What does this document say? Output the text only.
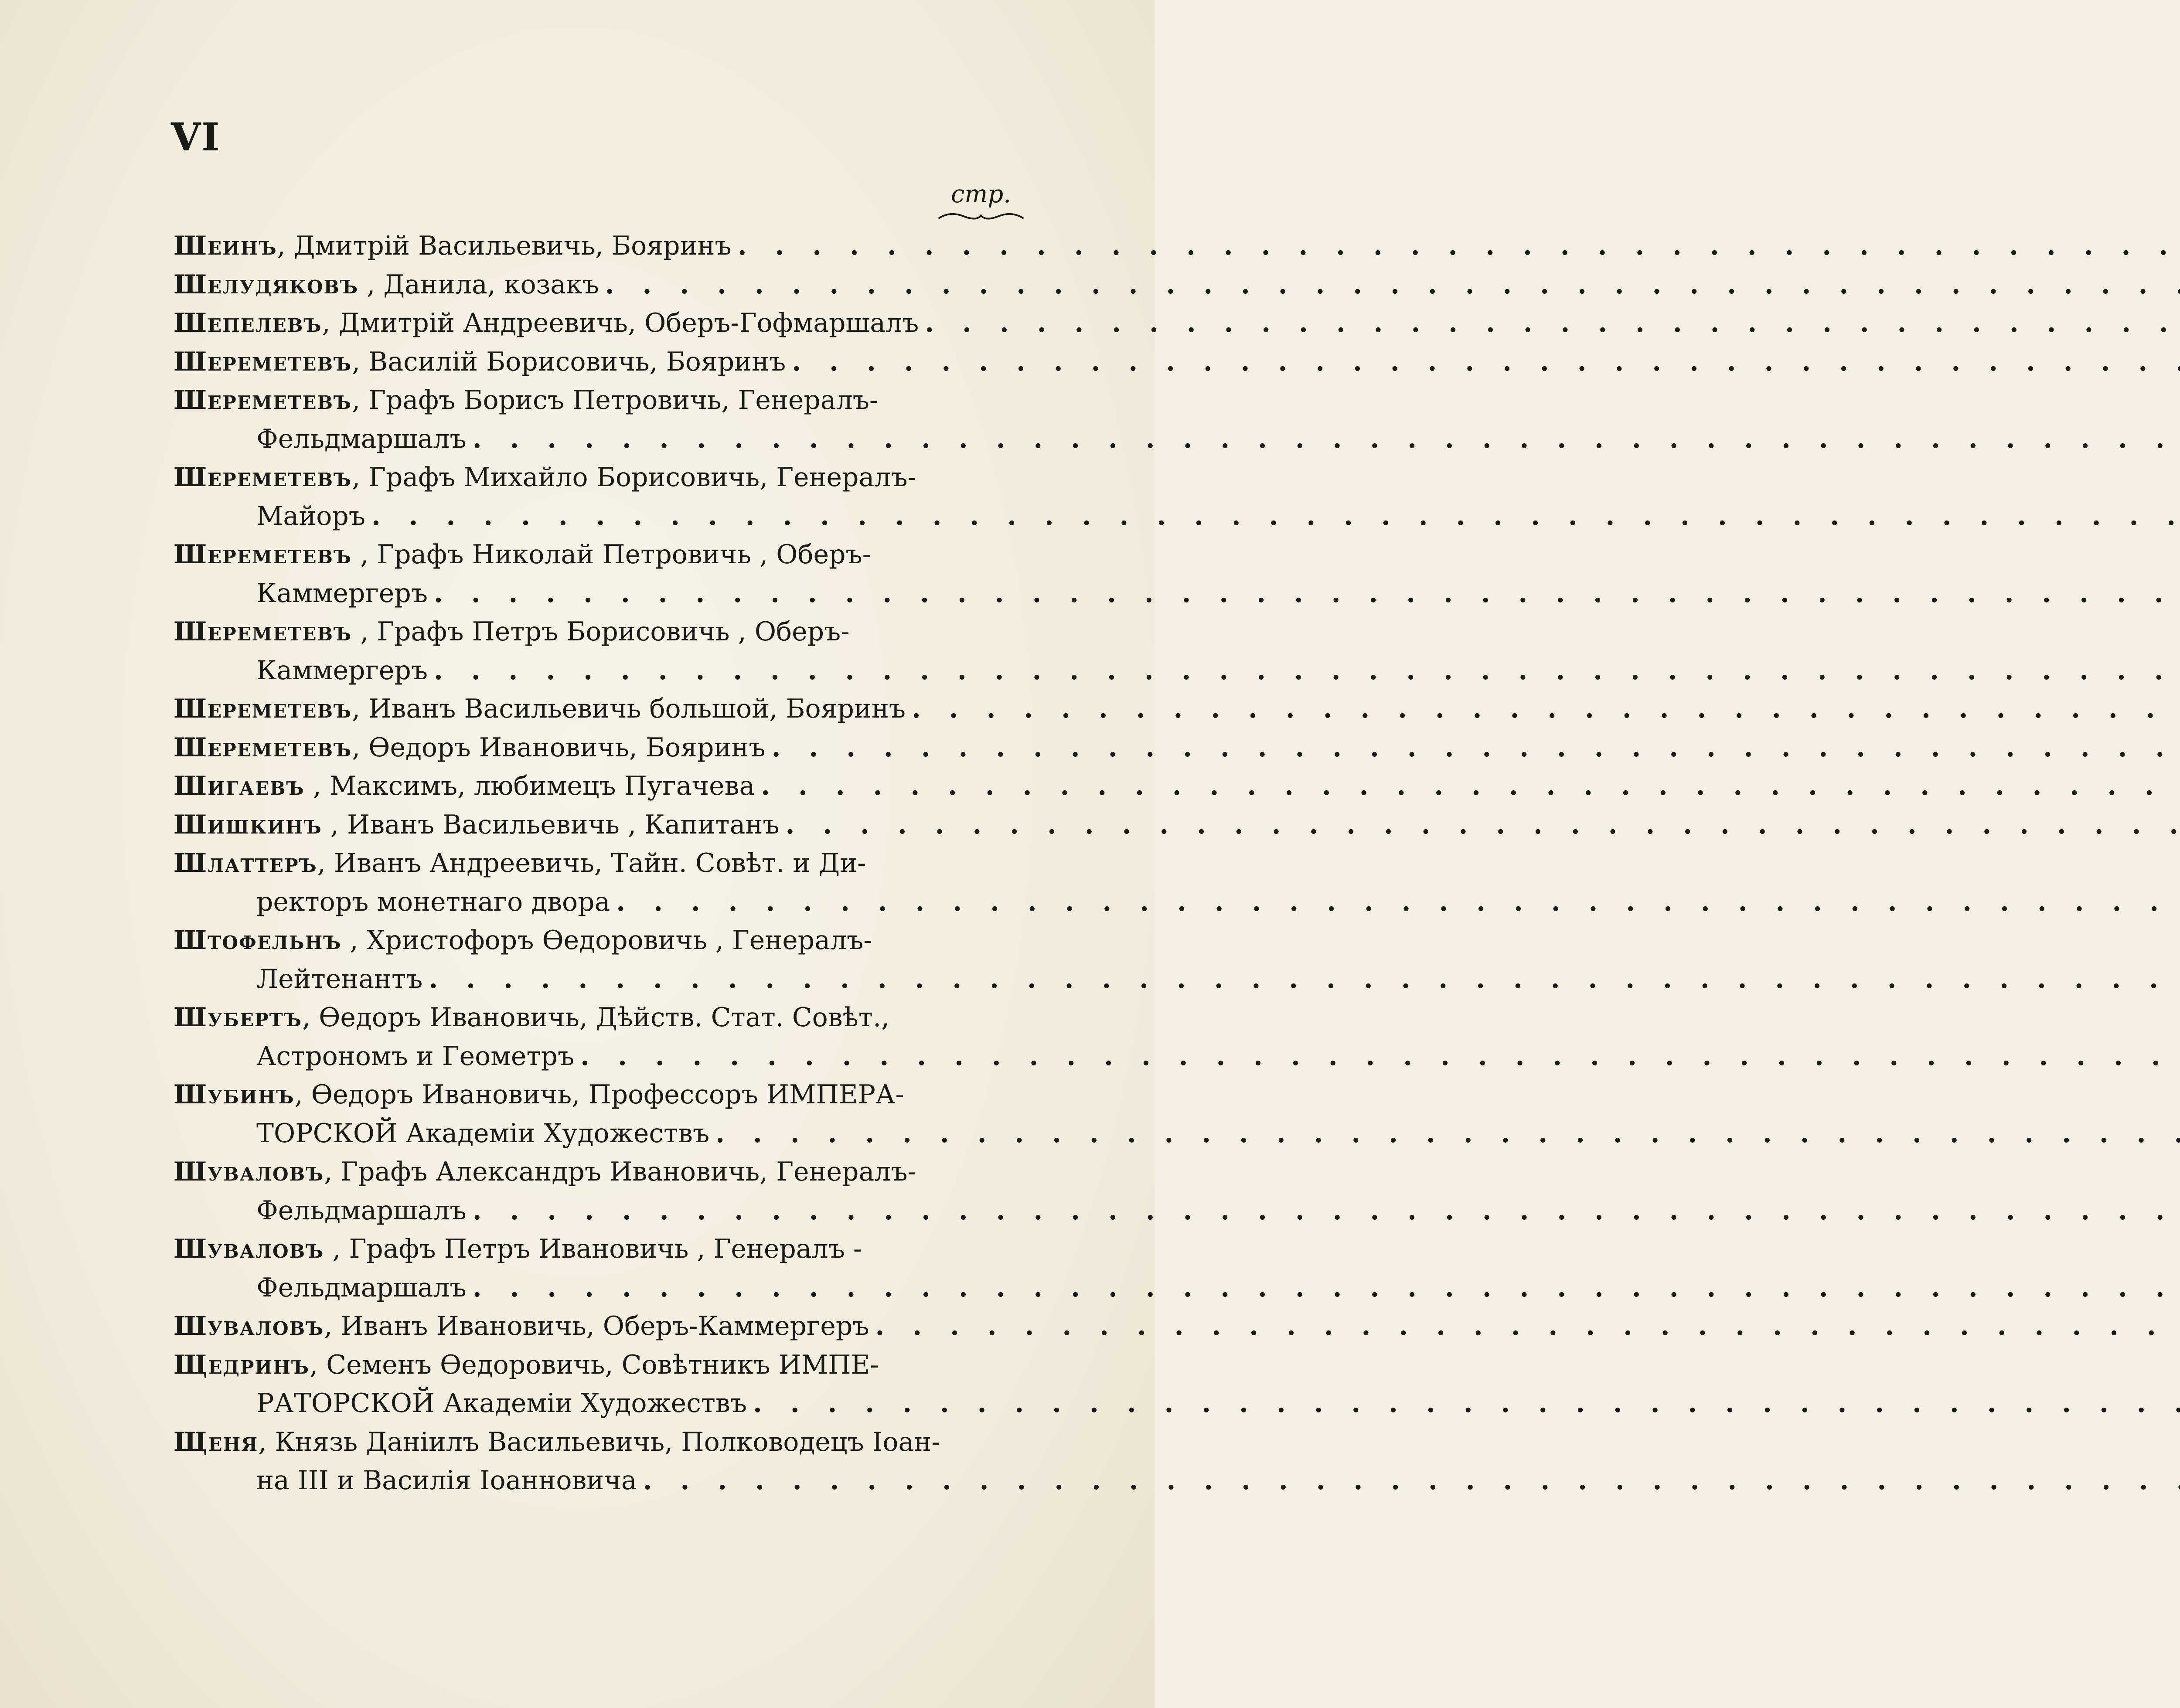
VI
стр.
Шеинъ, Дмитрій Васильевичь, Бояринъ
. . .
Шелудяковъ , Данила, козакъ
. . .
Шепелевъ, Дмитрій Андреевичь, Оберъ-Гофмаршалъ
. . .
Шереметевъ, Василій Борисовичь, Бояринъ
. . .
Шереметевъ, Графъ Борисъ Петровичь, Генералъ-
Фельдмаршалъ
. . .
Шереметевъ, Графъ Михайло Борисовичь, Генералъ-
Майоръ
. . .
Шереметевъ , Графъ Николай Петровичь , Оберъ-
Каммергеръ
. . .
Шереметевъ , Графъ Петръ Борисовичь , Оберъ-
Каммергеръ
. . .
Шереметевъ, Иванъ Васильевичь большой, Бояринъ
. . .
Шереметевъ, Өедоръ Ивановичь, Бояринъ
. . .
Шигаевъ , Максимъ, любимецъ Пугачева
. . .
Шишкинъ , Иванъ Васильевичь , Капитанъ
. . .
Шлаттеръ, Иванъ Андреевичь, Тайн. Совѣт. и Ди-
ректоръ монетнаго двора
. . .
Штофельнъ , Христофоръ Өедоровичь , Генералъ-
Лейтенантъ
. . .
Шубертъ, Өедоръ Ивановичь, Дѣйств. Стат. Совѣт.,
Астрономъ и Геометръ
. . .
Шубинъ, Өедоръ Ивановичь, Профессоръ ИМПЕРА-
ТОРСКОЙ Академіи Художествъ
. . .
Шуваловъ, Графъ Александръ Ивановичь, Генералъ-
Фельдмаршалъ
. . .
Шуваловъ , Графъ Петръ Ивановичь , Генералъ -
Фельдмаршалъ
. . .
Шуваловъ, Иванъ Ивановичь, Оберъ-Каммергеръ
. . .
Щедринъ, Семенъ Өедоровичь, Совѣтникъ ИМПЕ-
РАТОРСКОЙ Академіи Художествъ
. . .
Щеня, Князь Даніилъ Васильевичь, Полководецъ Іоан-
на III и Василія Іоанновича
. . .
